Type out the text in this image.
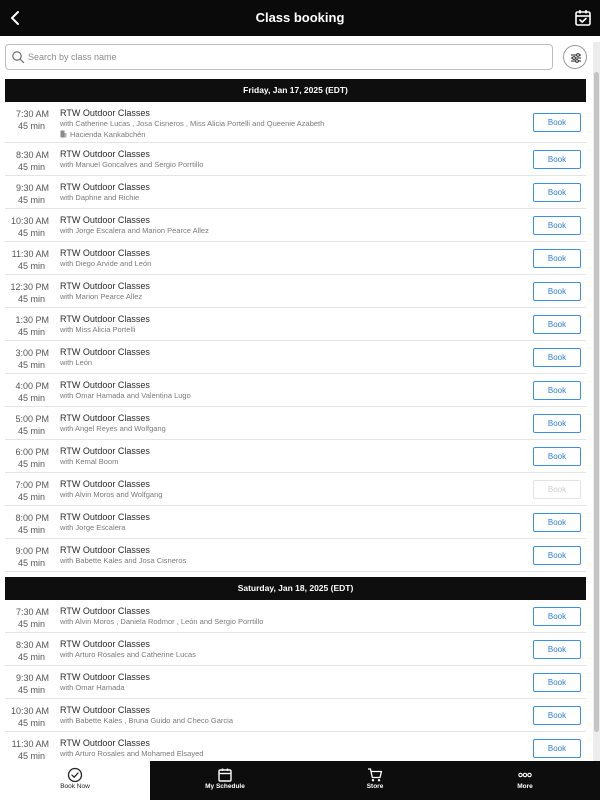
Class booking
Search by class name
Friday, Jan 17, 2025 (EDT)
7:30 AM
45 min
RTW Outdoor Classes
with Catherine Lucas , Josa Cisneros , Miss Alicia Portelli and Queenie Azabeth
Hacienda Kankabchén
Book
8:30 AM
45 min
RTW Outdoor Classes
with Manuel Goncalves and Sergio Porrtillo
Book
9:30 AM
45 min
RTW Outdoor Classes
with Daphne and Richie
Book
10:30 AM
45 min
RTW Outdoor Classes
with Jorge Escalera and Marion Pearce Allez
Book
11:30 AM
45 min
RTW Outdoor Classes
with Diego Arvide and León
Book
12:30 PM
45 min
RTW Outdoor Classes
with Marion Pearce Allez
Book
1:30 PM
45 min
RTW Outdoor Classes
with Miss Alicia Portelli
Book
3:00 PM
45 min
RTW Outdoor Classes
with León
Book
4:00 PM
45 min
RTW Outdoor Classes
with Omar Hamada and Valentina Lugo
Book
5:00 PM
45 min
RTW Outdoor Classes
with Angel Reyes and Wolfgang
Book
6:00 PM
45 min
RTW Outdoor Classes
with Kemal Boom
Book
7:00 PM
45 min
RTW Outdoor Classes
with Alvin Moros and Wolfgang
Book
8:00 PM
45 min
RTW Outdoor Classes
with Jorge Escalera
Book
9:00 PM
45 min
RTW Outdoor Classes
with Babette Kales and Josa Cisneros
Book
Saturday, Jan 18, 2025 (EDT)
7:30 AM
45 min
RTW Outdoor Classes
with Alvin Moros , Daniela Rodmor , León and Sergio Porrtillo
Book
8:30 AM
45 min
RTW Outdoor Classes
with Arturo Rosales and Catherine Lucas
Book
9:30 AM
45 min
RTW Outdoor Classes
with Omar Hamada
Book
10:30 AM
45 min
RTW Outdoor Classes
with Babette Kales , Bruna Guido and Checo Garcia
Book
11:30 AM
45 min
RTW Outdoor Classes
with Arturo Rosales and Mohamed Elsayed
Book
Book Now	My Schedule	Store	More
